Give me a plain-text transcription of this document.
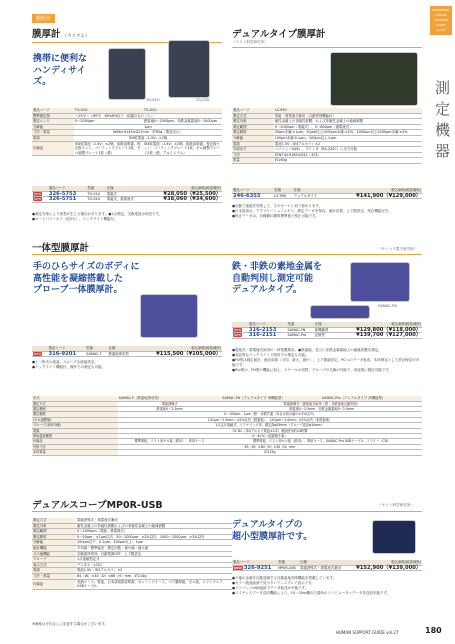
測定機器
EQUIPMENT
HUMAN SUPPORT
GUIDE
vol.27
膜厚計
膜厚計 （カスタム）
携帯に便利な
ハンディサイズ。
TG-01U	TG-02U
製品コード	TG-01U	TG-02U
標準測定物	ー25℃〜＋60℃　80%RH以下（結露のないこと）	
測定レンジ	0〜2000μm	鉄素地0〜2000μm、非鉄金属素地0〜1000μm
分解能	1μm	
寸法・質量	W66×H145×D27mm　約95g（電池含む）	
電源	単4乾電池（1.5V）×2個	
付属品	単4乾電池（1.5V）×2個、取扱説明書、校正板セット、コーティングプレート1枚、ゼロ調整プレート1枚（鉄）	単4乾電池（1.5V）×2個、取扱説明書、校正板セット、コーティングプレート1枚、ゼロ調整プレート2枚（鉄、アルミニウム）
	製品コード	型番	仕様	税込価格(税抜価格)
NEW	326-5753	TG-01U	電磁式	¥28,050（¥25,500）
NEW	326-5751	TG-02U	電磁式、渦電流式	¥38,060（¥34,600）
●測定対象により誤差が生じる場合があります。●1点測定、交換電池は別売です。
●オートパワーオフ（約2分）、バックライト機能付。
デュアルタイプ膜厚計
（ケツト科学研究所）
製品コード	LZ-990
測定方式	電磁・渦電流式兼用（自動判別機能付）
測定対象	磁性金属上の非磁性被膜、および非磁性金属上の絶縁被膜
測定範囲	0〜2000μm（電磁式）、0〜800μm（渦電流式）
測定精度	50μm未満:±1μm、50μm以上1000μm未満:±2%、1000μm以上2000μm未満:±3%
分解能	100μm未満:0.1μm、100μm以上:1μm
電源	電池1.5V（単4アルカリ）×2
外部出力	パソコン（USB）、プリンタ（RS-232C）に出力可能
寸法	約W74×H165×D32（本体）
質量	約160g
製品コード	型番	仕様	税込価格(税抜価格)
246-6353	LZ-990	デュアルタイプ	¥141,900（¥129,000）
●自動で素地を判別して、そのモードに切り替わります。
●日本語表示、アプリケーションメモリ、測定データを保存。統計計算、上下限設定、残存機能付き。
●校正データは、多種類の膜厚標準板で校正可能です。
一体型膜厚計
手のひらサイズのボディに
高性能を凝縮搭載した
プローブ一体膜厚計。
	製品コード	型番	仕様	税込価格(税抜価格)
NEW	316-9201	SAMAC-F	鉄素地専用型	¥115,500（¥105,000）
●十一桁式の液晶、スムーズな液晶設定。
●バックライト機能付、操作での測定も可能。
（サンコウ電子研究所）
鉄・非鉄の素地金属を
自動判別し測定可能
デュアルタイプ。
SAMAC-FN
SAMAC-Pro
	製品コード	型番	仕様	税込価格(税抜価格)
NEW	316-2153	SAMAC-FN	新機種型	¥129,800（¥118,000）
NEW	316-2151	SAMAC-Pro	記憶型	¥139,700（¥127,000）
●電磁式・渦電流式両用の一体型膜厚計。●鉄素地、並びに非鉄金属素地上の絶縁皮膜を測定。
●高品質なバックライトで暗所での測定も可能。
●FN型は測定値を、統計演算（平均、最大、最小）、上下限値設定、PCへのデータ転送、本体保存として設計保存が可能です。
●Pro型は、FN型の機能に加え、スケールの切替、プローブの交換が可能で、用途別に測定可能です。
形式	SAMAC-F（鉄素地専用型）	SAMAC-FN（デュアルタイプ 単機能型）	SAMAC-Pro（デュアルタイプ 高機能型）
測定方式	電磁誘導式	電磁誘導式・渦電流式両用（鉄・非鉄素地自動判別）	
測定範囲	鉄素地0〜2.5mm	鉄素地0〜2.5mm、非鉄金属素地0〜2.0mm	
測定精度	0〜100μm：1μm（鉄・非鉄共通（本社は指示値の±3%以内）		
(ゼロ調整後)	101μm〜2.5mm：±2%以内（鉄素地）、101μm〜2.0mm：±2%以内（非鉄素地）		
プローブ(本体内蔵)	1点定圧接触式、ワイヤリング用、測定面φ28mm（プローブ直径φ10mm）		
電源	3V DC（単4アルカリ電池×2本）連続使用約24時間		
使用温度範囲	0〜40℃（結露無き事）		
付属品	標準厚板、テスト用ゼロ板（鉄用）、専用ケース	標準厚板、テスト用ゼロ板（鉄用）、専用ケース、SAMAC-Pro USBケーブル、ドライバ（CD）	
外形寸法	63（W）×84（H）×30（D）mm		
本体質量	約125g		
デュアルスコープMP0R-USB	（ケツト科学研究所）
測定方式	電磁誘導式・渦電流式兼用
測定対象	磁性金属上の非磁性被膜およびの非磁性金属上の絶縁被膜
測定範囲	0〜2000μm（電磁・渦電流式）
測定精度	0〜50μm：±1μm以内　50〜1000μm：±2%以内　1000〜2000μm：±3%以内
分解能	100μm以下：0.1μm、100μm以上：1μm
統計機能	平均値・標準偏差・測定回数・最小値・最大値
その他機能	自動素材判別、自動電源OFF、上下限設定
プローブ	1点接触型定式
表示方式	デジタル（LCD）
電源	電池1.5V（単4アルカリ）×2
寸法・質量	64（W）×30（D）×86（H）mm、約114g
付属品	収納ケース、電池、日本語取扱説明書、キャリングケース、ペア膜厚板、ゼロ板、ソフトウエア、USBケーブル
デュアルタイプの
超小型膜厚計です。
製品コード	型番	仕様	税込価格(税抜価格)
NEW 326-9251	MP0R-USB	電磁誘導式・渦電流式兼用	¥152,900（¥139,000）
●下地の金属を自動認識する自動素地判別機能を搭載しています。
●カラー液晶画面で見やすいディスプレイ表示です。
●パソコンとUSB接続でデータ転送が可能です。
●ワイヤレスデータ送信機能により、10〜20m離れた場所のコンピュータへデータを送信可能です。
※価格は予告なしに変更する場合がございます。
HUMAN SUPPORT GUIDE vol.27	180
